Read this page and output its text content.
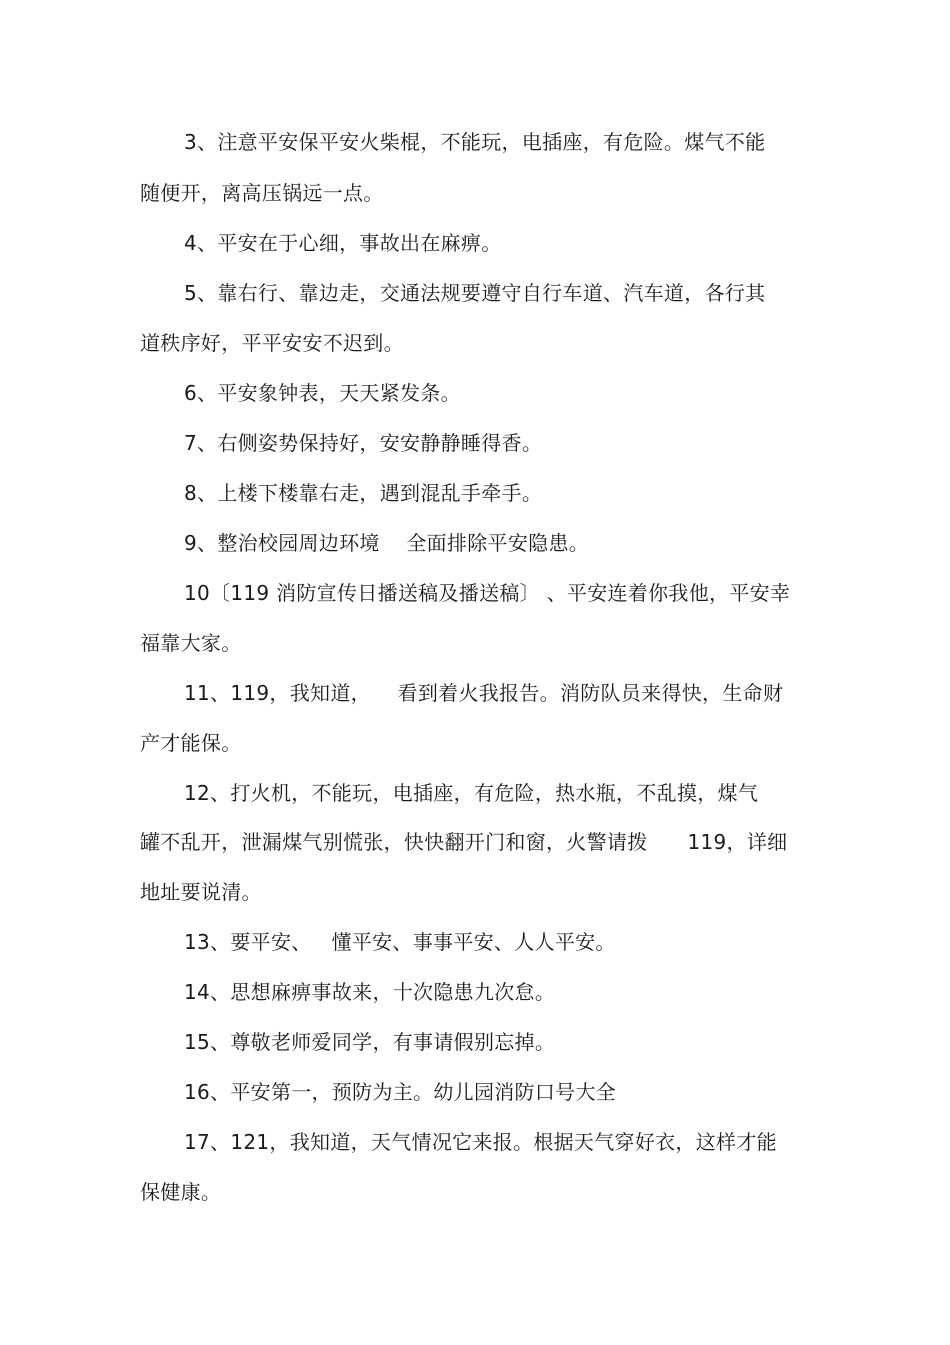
3、注意平安保平安火柴棍，不能玩，电插座，有危险。煤气不能
随便开，离高压锅远一点。
4、平安在于心细，事故出在麻痹。
5、靠右行、靠边走，交通法规要遵守自行车道、汽车道，各行其
道秩序好，平平安安不迟到。
6、平安象钟表，天天紧发条。
7、右侧姿势保持好，安安静静睡得香。
8、上楼下楼靠右走，遇到混乱手牵手。
9、整治校园周边环境    全面排除平安隐患。
10〔119 消防宣传日播送稿及播送稿〕 、平安连着你我他，平安幸
福靠大家。
11、119，我知道，    看到着火我报告。消防队员来得快，生命财
产才能保。
12、打火机，不能玩，电插座，有危险，热水瓶，不乱摸，煤气
罐不乱开，泄漏煤气别慌张，快快翻开门和窗，火警请拨      119，详细
地址要说清。
13、要平安、   懂平安、事事平安、人人平安。
14、思想麻痹事故来，十次隐患九次怠。
15、尊敬老师爱同学，有事请假别忘掉。
16、平安第一，预防为主。幼儿园消防口号大全
17、121，我知道，天气情况它来报。根据天气穿好衣，这样才能
保健康。
